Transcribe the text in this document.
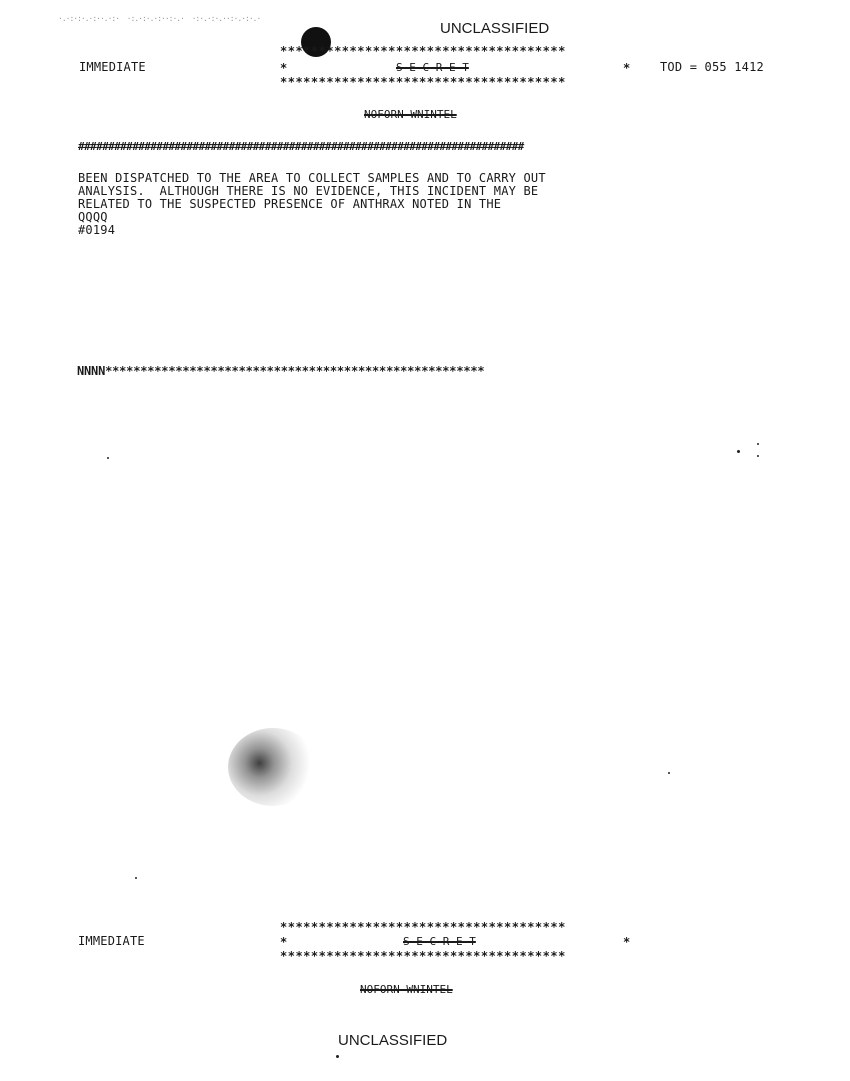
·.·:·:·.·:··.·:·  ·:.·:·.·:··:·.·  ·:·.·:·.··:·.·:·.·
UNCLASSIFIED
*************************************
IMMEDIATE	*	S E C R E T	* TOD = 055 1412
*************************************
NOFORN WNINTEL
##########################################################################
BEEN DISPATCHED TO THE AREA TO COLLECT SAMPLES AND TO CARRY OUT
ANALYSIS.  ALTHOUGH THERE IS NO EVIDENCE, THIS INCIDENT MAY BE
RELATED TO THE SUSPECTED PRESENCE OF ANTHRAX NOTED IN THE
QQQQ
#0194
NNNN******************************************************
*************************************
IMMEDIATE	*	S E C R E T	*
*************************************
NOFORN WNINTEL
UNCLASSIFIED
